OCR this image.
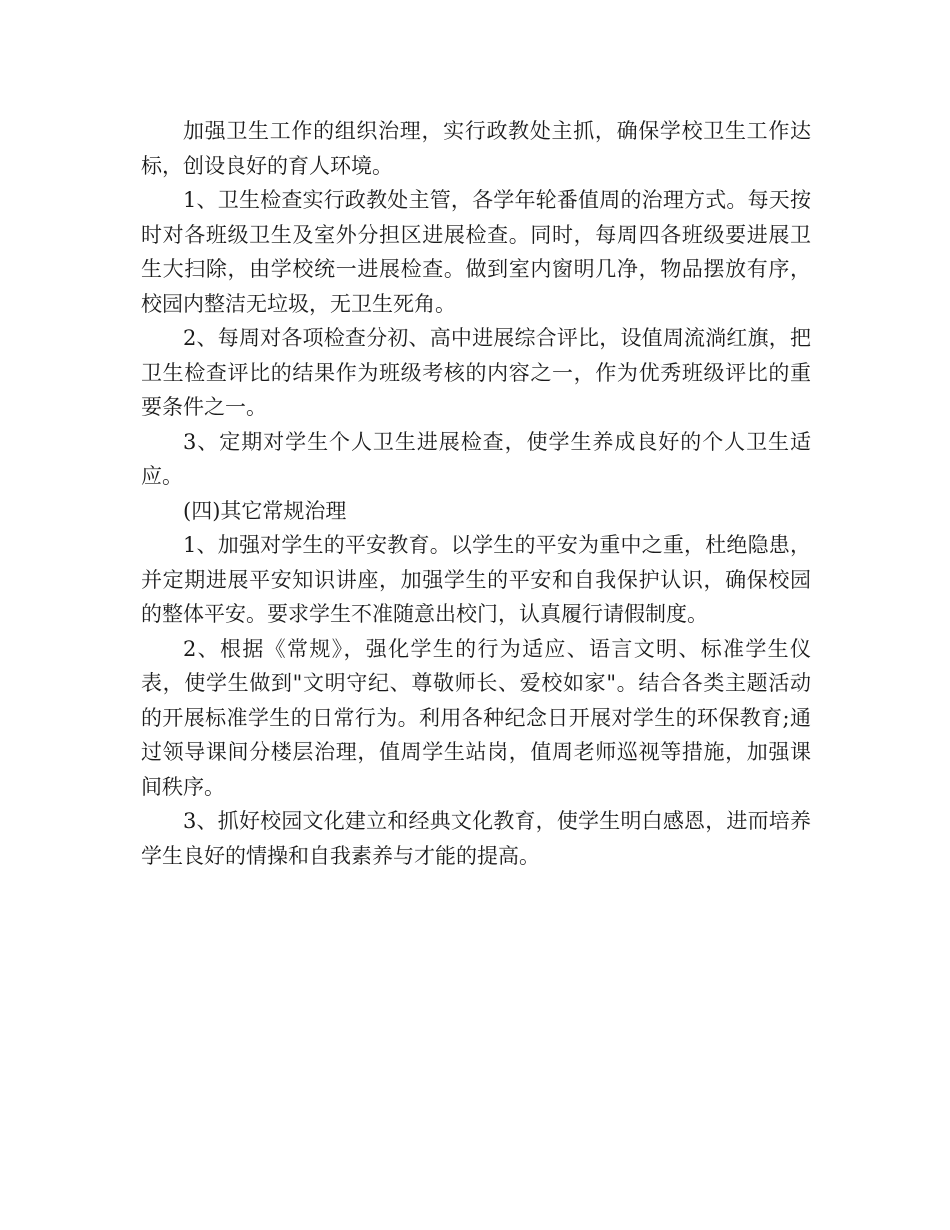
加强卫生工作的组织治理，实行政教处主抓，确保学校卫生工作达标，创设良好的育人环境。

1、卫生检查实行政教处主管，各学年轮番值周的治理方式。每天按时对各班级卫生及室外分担区进展检查。同时，每周四各班级要进展卫生大扫除，由学校统一进展检查。做到室内窗明几净，物品摆放有序，校园内整洁无垃圾，无卫生死角。

2、每周对各项检查分初、高中进展综合评比，设值周流淌红旗，把卫生检查评比的结果作为班级考核的内容之一，作为优秀班级评比的重要条件之一。

3、定期对学生个人卫生进展检查，使学生养成良好的个人卫生适应。

(四)其它常规治理

1、加强对学生的平安教育。以学生的平安为重中之重，杜绝隐患，并定期进展平安知识讲座，加强学生的平安和自我保护认识，确保校园的整体平安。要求学生不准随意出校门，认真履行请假制度。

2、根据《常规》，强化学生的行为适应、语言文明、标准学生仪表，使学生做到"文明守纪、尊敬师长、爱校如家"。结合各类主题活动的开展标准学生的日常行为。利用各种纪念日开展对学生的环保教育;通过领导课间分楼层治理，值周学生站岗，值周老师巡视等措施，加强课间秩序。

3、抓好校园文化建立和经典文化教育，使学生明白感恩，进而培养学生良好的情操和自我素养与才能的提高。
